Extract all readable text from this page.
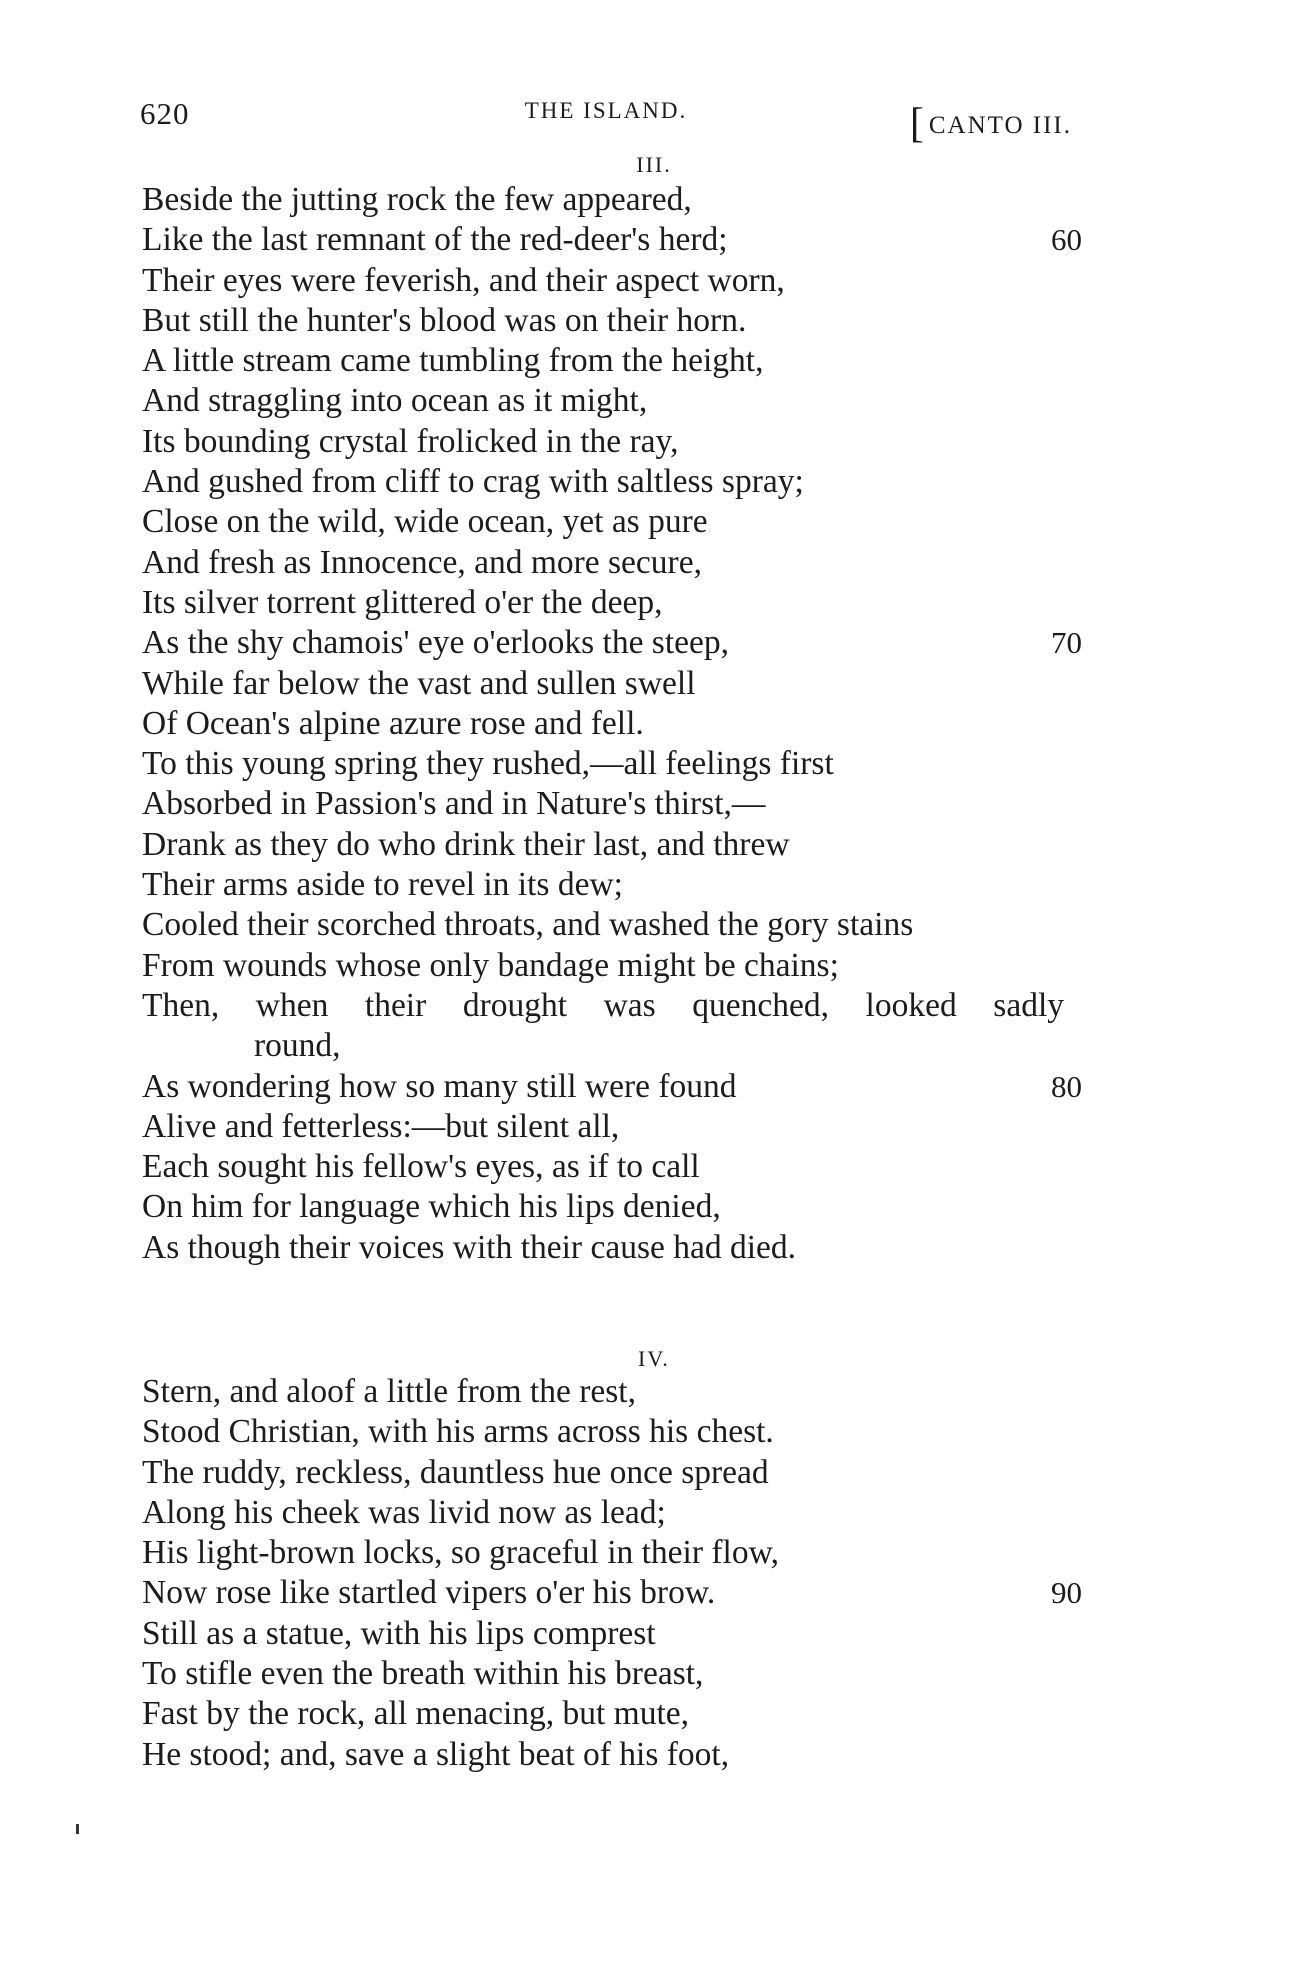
620	THE ISLAND.	[ CANTO III.
III.
Beside the jutting rock the few appeared,
Like the last remnant of the red-deer's herd;	60
Their eyes were feverish, and their aspect worn,
But still the hunter's blood was on their horn.
A little stream came tumbling from the height,
And straggling into ocean as it might,
Its bounding crystal frolicked in the ray,
And gushed from cliff to crag with saltless spray;
Close on the wild, wide ocean, yet as pure
And fresh as Innocence, and more secure,
Its silver torrent glittered o'er the deep,
As the shy chamois' eye o'erlooks the steep,	70
While far below the vast and sullen swell
Of Ocean's alpine azure rose and fell.
To this young spring they rushed,—all feelings first
Absorbed in Passion's and in Nature's thirst,—
Drank as they do who drink their last, and threw
Their arms aside to revel in its dew;
Cooled their scorched throats, and washed the gory stains
From wounds whose only bandage might be chains;
Then, when their drought was quenched, looked sadly
round,
As wondering how so many still were found	80
Alive and fetterless:—but silent all,
Each sought his fellow's eyes, as if to call
On him for language which his lips denied,
As though their voices with their cause had died.
IV.
Stern, and aloof a little from the rest,
Stood Christian, with his arms across his chest.
The ruddy, reckless, dauntless hue once spread
Along his cheek was livid now as lead;
His light-brown locks, so graceful in their flow,
Now rose like startled vipers o'er his brow.	90
Still as a statue, with his lips comprest
To stifle even the breath within his breast,
Fast by the rock, all menacing, but mute,
He stood; and, save a slight beat of his foot,
